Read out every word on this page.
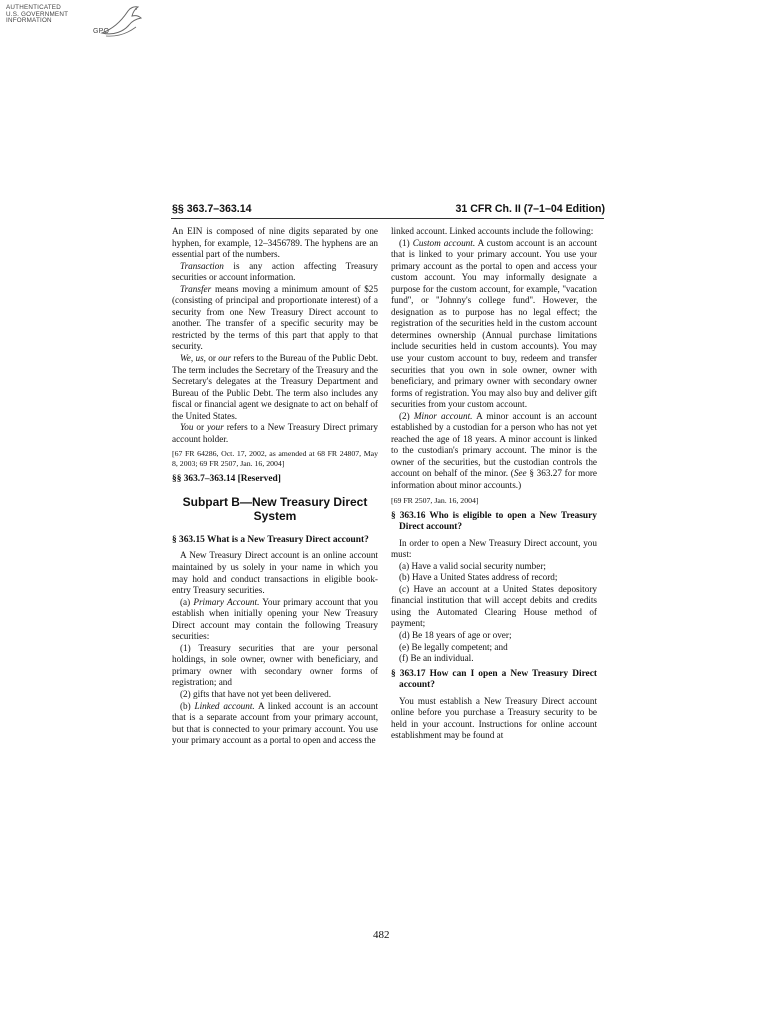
AUTHENTICATED
U.S. GOVERNMENT
INFORMATION
GPO
§§ 363.7–363.14	31 CFR Ch. II (7–1–04 Edition)

An EIN is composed of nine digits separated by one hyphen, for example, 12–3456789. The hyphens are an essential part of the numbers.

Transaction is any action affecting Treasury securities or account information.

Transfer means moving a minimum amount of $25 (consisting of principal and proportionate interest) of a security from one New Treasury Direct account to another. The transfer of a specific security may be restricted by the terms of this part that apply to that security.

We, us, or our refers to the Bureau of the Public Debt. The term includes the Secretary of the Treasury and the Secretary's delegates at the Treasury Department and Bureau of the Public Debt. The term also includes any fiscal or financial agent we designate to act on behalf of the United States.

You or your refers to a New Treasury Direct primary account holder.

[67 FR 64286, Oct. 17, 2002, as amended at 68 FR 24807, May 8, 2003; 69 FR 2507, Jan. 16, 2004]

§§ 363.7–363.14 [Reserved]

Subpart B—New Treasury Direct System

§ 363.15 What is a New Treasury Direct account?

A New Treasury Direct account is an online account maintained by us solely in your name in which you may hold and conduct transactions in eligible book-entry Treasury securities.

(a) Primary Account. Your primary account that you establish when initially opening your New Treasury Direct account may contain the following Treasury securities:

(1) Treasury securities that are your personal holdings, in sole owner, owner with beneficiary, and primary owner with secondary owner forms of registration; and

(2) gifts that have not yet been delivered.

(b) Linked account. A linked account is an account that is a separate account from your primary account, but that is connected to your primary account. You use your primary account as a portal to open and access the

linked account. Linked accounts include the following:

(1) Custom account. A custom account is an account that is linked to your primary account. You use your primary account as the portal to open and access your custom account. You may informally designate a purpose for the custom account, for example, ''vacation fund'', or ''Johnny's college fund''. However, the designation as to purpose has no legal effect; the registration of the securities held in the custom account determines ownership (Annual purchase limitations include securities held in custom accounts). You may use your custom account to buy, redeem and transfer securities that you own in sole owner, owner with beneficiary, and primary owner with secondary owner forms of registration. You may also buy and deliver gift securities from your custom account.

(2) Minor account. A minor account is an account established by a custodian for a person who has not yet reached the age of 18 years. A minor account is linked to the custodian's primary account. The minor is the owner of the securities, but the custodian controls the account on behalf of the minor. (See § 363.27 for more information about minor accounts.)

[69 FR 2507, Jan. 16, 2004]

§ 363.16 Who is eligible to open a New Treasury Direct account?

In order to open a New Treasury Direct account, you must:

(a) Have a valid social security number;

(b) Have a United States address of record;

(c) Have an account at a United States depository financial institution that will accept debits and credits using the Automated Clearing House method of payment;

(d) Be 18 years of age or over;

(e) Be legally competent; and

(f) Be an individual.

§ 363.17 How can I open a New Treasury Direct account?

You must establish a New Treasury Direct account online before you purchase a Treasury security to be held in your account. Instructions for online account establishment may be found at

482
